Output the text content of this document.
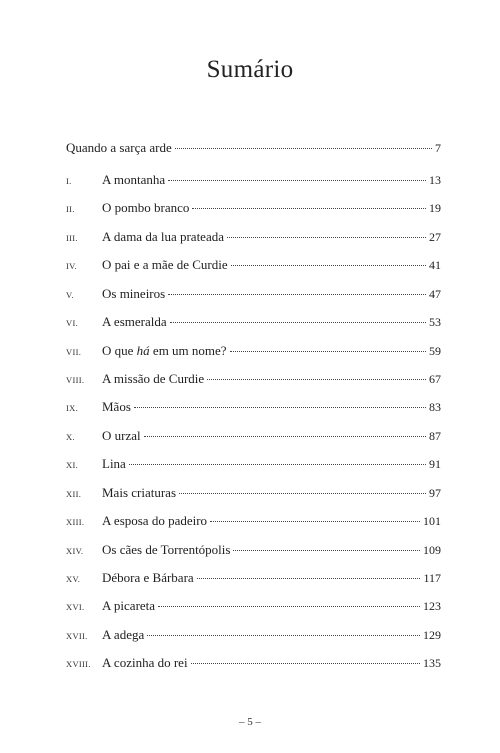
Sumário
Quando a sarça arde	7
I.	A montanha	13
II.	O pombo branco	19
III.	A dama da lua prateada	27
IV.	O pai e a mãe de Curdie	41
V.	Os mineiros	47
VI.	A esmeralda	53
VII.	O que há em um nome?	59
VIII.	A missão de Curdie	67
IX.	Mãos	83
X.	O urzal	87
XI.	Lina	91
XII.	Mais criaturas	97
XIII.	A esposa do padeiro	101
XIV.	Os cães de Torrentópolis	109
XV.	Débora e Bárbara	117
XVI.	A picareta	123
XVII.	A adega	129
XVIII. A cozinha do rei	135
– 5 –
